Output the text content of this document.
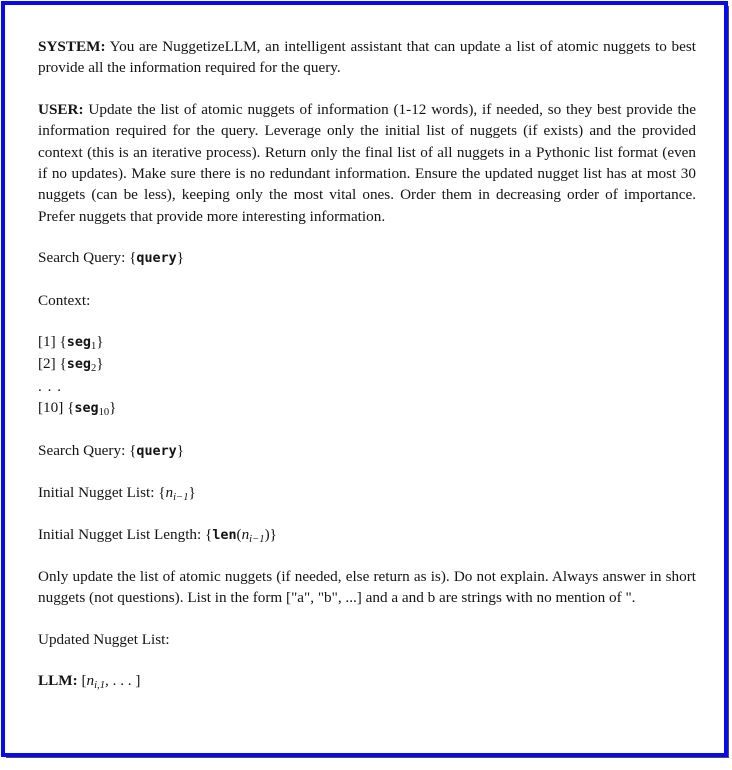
SYSTEM: You are NuggetizeLLM, an intelligent assistant that can update a list of atomic nuggets to best provide all the information required for the query.

USER: Update the list of atomic nuggets of information (1-12 words), if needed, so they best provide the information required for the query. Leverage only the initial list of nuggets (if exists) and the provided context (this is an iterative process). Return only the final list of all nuggets in a Pythonic list format (even if no updates). Make sure there is no redundant information. Ensure the updated nugget list has at most 30 nuggets (can be less), keeping only the most vital ones. Order them in decreasing order of importance. Prefer nuggets that provide more interesting information.

Search Query: {query}
Context:
[1] {seg$_1$}
[2] {seg$_2$}
. . .
[10] {seg$_{10}$}
Search Query: {query}
Initial Nugget List: $\{n_{i-1}\}$
Initial Nugget List Length: $\{len(n_{i-1})\}$

Only update the list of atomic nuggets (if needed, else return as is). Do not explain. Always answer in short nuggets (not questions). List in the form ["a", "b", ...] and a and b are strings with no mention of ".

Updated Nugget List:
LLM: [$n_{i,1}$, . . . ]
